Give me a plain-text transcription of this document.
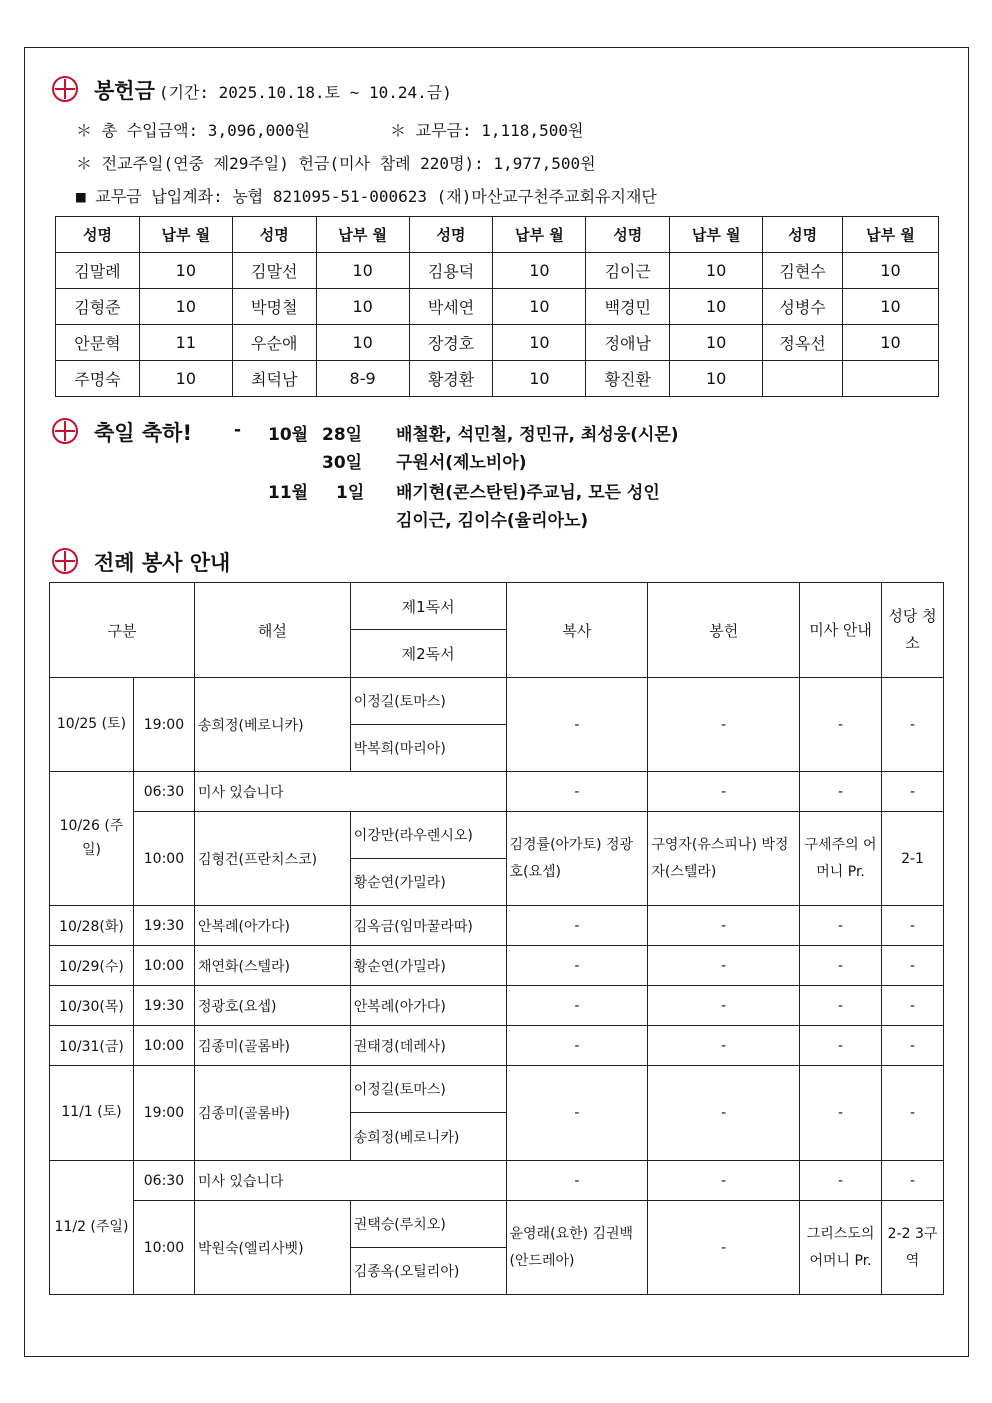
봉헌금 (기간: 2025.10.18.토 ~ 10.24.금)
＊ 총 수입금액: 3,096,000원	＊ 교무금: 1,118,500원
＊ 전교주일(연중 제29주일) 헌금(미사 참례 220명): 1,977,500원
■ 교무금 납입계좌: 농협 821095-51-000623 (재)마산교구천주교회유지재단
성명	납부 월	성명	납부 월	성명	납부 월	성명	납부 월	성명	납부 월
김말례	10	김말선	10	김용덕	10	김이근	10	김현수	10
김형준	10	박명철	10	박세연	10	백경민	10	성병수	10
안문혁	11	우순애	10	장경호	10	정애남	10	정옥선	10
주명숙	10	최덕남	8-9	황경환	10	황진환	10		
축일 축하! - 10월 28일 배철환, 석민철, 정민규, 최성웅(시몬)
30일 구원서(제노비아)
11월 1일 배기현(콘스탄틴)주교님, 모든 성인
김이근, 김이수(율리아노)
전례 봉사 안내
구분		해설	제1독서	복사	봉헌	미사 안내	성당 청소
			제2독서				
10/25 (토)	19:00	송희정(베로니카)	이정길(토마스)	-	-	-	-
			박복희(마리아)				
10/26 (주일)	06:30	미사 있습니다		-	-	-	-
	10:00	김형건(프란치스코)	이강만(라우렌시오)	김경률(아가토) 정광호(요셉)	구영자(유스피나) 박정자(스텔라)	구세주의 어머니 Pr.	2-1
			황순연(가밀라)				
10/28(화)	19:30	안복례(아가다)	김옥금(임마꿀라따)	-	-	-	-
10/29(수)	10:00	채연화(스텔라)	황순연(가밀라)	-	-	-	-
10/30(목)	19:30	정광호(요셉)	안복례(아가다)	-	-	-	-
10/31(금)	10:00	김종미(골롬바)	권태경(데레사)	-	-	-	-
11/1 (토)	19:00	김종미(골롬바)	이정길(토마스)	-	-	-	-
			송희정(베로니카)				
11/2 (주일)	06:30	미사 있습니다		-	-	-	-
	10:00	박원숙(엘리사벳)	권택승(루치오)	윤영래(요한) 김권백(안드레아)	-	그리스도의 어머니 Pr.	2-2 3구역
			김종옥(오틸리아)				
